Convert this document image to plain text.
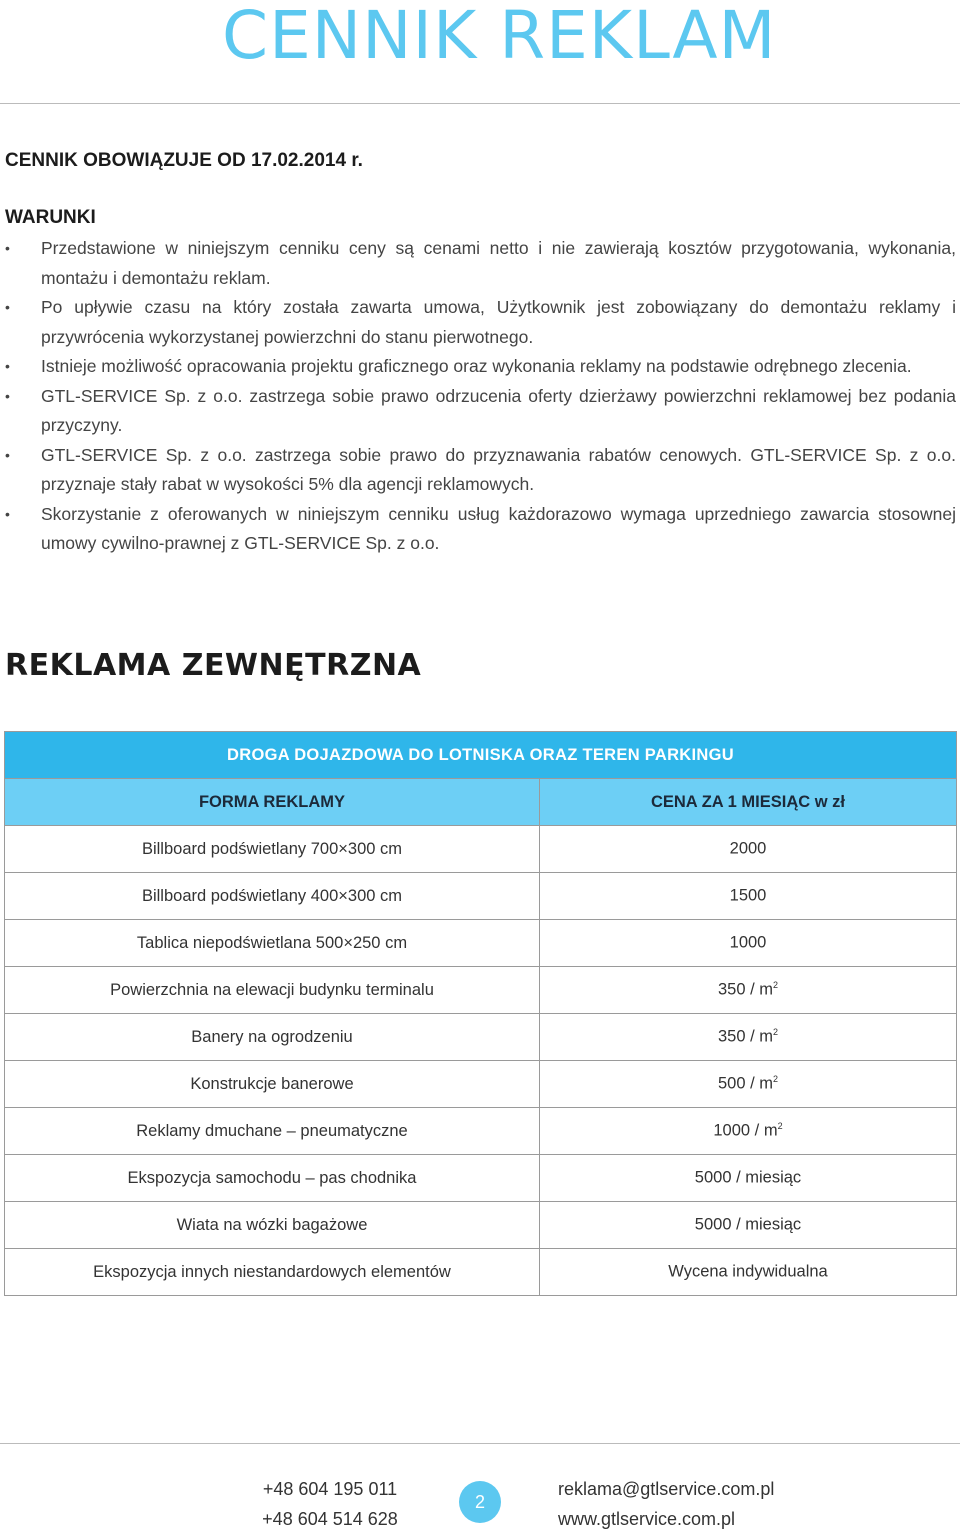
CENNIK REKLAM

CENNIK OBOWIĄZUJE OD 17.02.2014 r.

WARUNKI

• Przedstawione w niniejszym cenniku ceny są cenami netto i nie zawierają kosztów przygotowania, wykonania, montażu i demontażu reklam.
• Po upływie czasu na który została zawarta umowa, Użytkownik jest zobowiązany do demontażu reklamy i przywrócenia wykorzystanej powierzchni do stanu pierwotnego.
• Istnieje możliwość opracowania projektu graficznego oraz wykonania reklamy na podstawie odrębnego zlecenia.
• GTL-SERVICE Sp. z o.o. zastrzega sobie prawo odrzucenia oferty dzierżawy powierzchni reklamowej bez podania przyczyny.
• GTL-SERVICE Sp. z o.o. zastrzega sobie prawo do przyznawania rabatów cenowych. GTL-SERVICE Sp. z o.o. przyznaje stały rabat w wysokości 5% dla agencji reklamowych.
• Skorzystanie z oferowanych w niniejszym cenniku usług każdorazowo wymaga uprzedniego zawarcia stosownej umowy cywilno-prawnej z GTL-SERVICE Sp. z o.o.
REKLAMA ZEWNĘTRZNA
DROGA DOJAZDOWA DO LOTNISKA ORAZ TEREN PARKINGU	
FORMA REKLAMY	CENA ZA 1 MIESIĄC w zł
Billboard podświetlany 700×300 cm	2000
Billboard podświetlany 400×300 cm	1500
Tablica niepodświetlana 500×250 cm	1000
Powierzchnia na elewacji budynku terminalu	$350 / m^2$
Banery na ogrodzeniu	$350 / m^2$
Konstrukcje banerowe	$500 / m^2$
Reklamy dmuchane – pneumatyczne	$1000 / m^2$
Ekspozycja samochodu – pas chodnika	5000 / miesiąc
Wiata na wózki bagażowe	5000 / miesiąc
Ekspozycja innych niestandardowych elementów	Wycena indywidualna
+48 604 195 011
+48 604 514 628
2
reklama@gtlservice.com.pl
www.gtlservice.com.pl
